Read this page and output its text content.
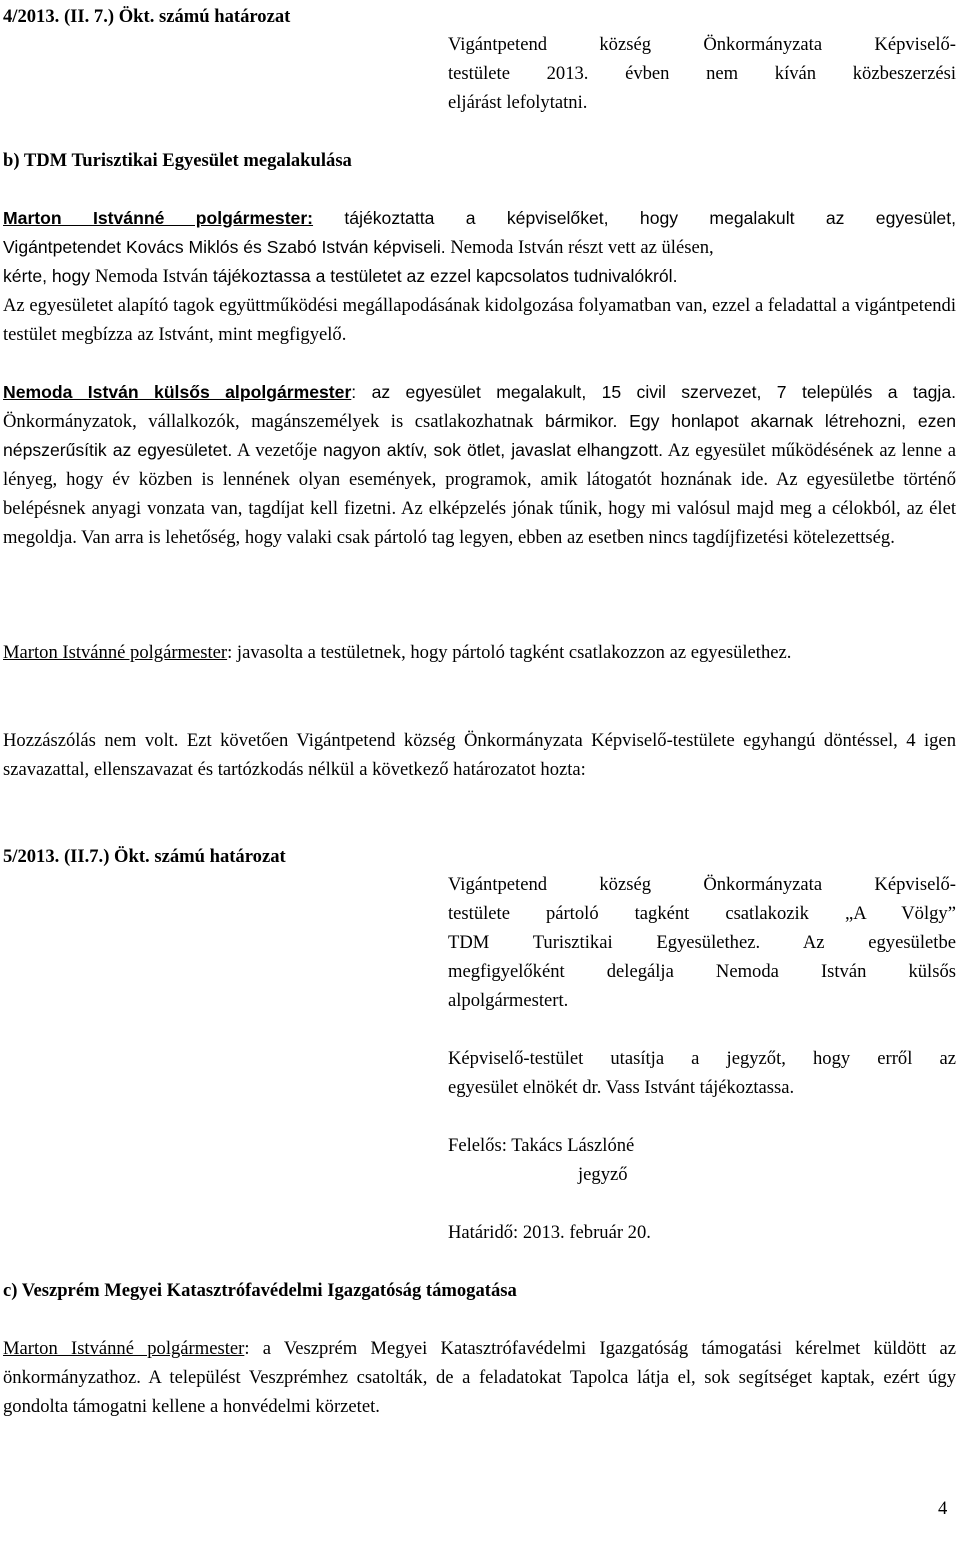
4/2013. (II. 7.) Ökt. számú határozat
Vigántpetend község Önkormányzata Képviselő-
testülete 2013. évben nem kíván közbeszerzési
eljárást lefolytatni.
b) TDM Turisztikai Egyesület megalakulása
Marton Istvánné polgármester: tájékoztatta a képviselőket, hogy megalakult az egyesület,
Vigántpetendet Kovács Miklós és Szabó István képviseli. Nemoda István részt vett az ülésen,
kérte, hogy Nemoda István tájékoztassa a testületet az ezzel kapcsolatos tudnivalókról.
Az egyesületet alapító tagok együttműködési megállapodásának kidolgozása folyamatban van, ezzel a feladattal a vigántpetendi testület megbízza az Istvánt, mint megfigyelő.
Nemoda István külsős alpolgármester: az egyesület megalakult, 15 civil szervezet, 7 település a tagja. Önkormányzatok, vállalkozók, magánszemélyek is csatlakozhatnak bármikor. Egy honlapot akarnak létrehozni, ezen népszerűsítik az egyesületet. A vezetője nagyon aktív, sok ötlet, javaslat elhangzott. Az egyesület működésének az lenne a lényeg, hogy év közben is lennének olyan események, programok, amik látogatót hoznának ide. Az egyesületbe történő belépésnek anyagi vonzata van, tagdíjat kell fizetni. Az elképzelés jónak tűnik, hogy mi valósul majd meg a célokból, az élet megoldja. Van arra is lehetőség, hogy valaki csak pártoló tag legyen, ebben az esetben nincs tagdíjfizetési kötelezettség.
Marton Istvánné polgármester: javasolta a testületnek, hogy pártoló tagként csatlakozzon az egyesülethez.
Hozzászólás nem volt. Ezt követően Vigántpetend község Önkormányzata Képviselő-testülete egyhangú döntéssel, 4 igen szavazattal, ellenszavazat és tartózkodás nélkül a következő határozatot hozta:
5/2013. (II.7.) Ökt. számú határozat
Vigántpetend község Önkormányzata Képviselő-
testülete pártoló tagként csatlakozik „A Völgy”
TDM Turisztikai Egyesülethez. Az egyesületbe
megfigyelőként delegálja Nemoda István külsős
alpolgármestert.
Képviselő-testület utasítja a jegyzőt, hogy erről az
egyesület elnökét dr. Vass Istvánt tájékoztassa.
Felelős: Takács Lászlóné
jegyző
Határidő: 2013. február 20.
c) Veszprém Megyei Katasztrófavédelmi Igazgatóság támogatása
Marton Istvánné polgármester: a Veszprém Megyei Katasztrófavédelmi Igazgatóság támogatási kérelmet küldött az önkormányzathoz. A települést Veszprémhez csatolták, de a feladatokat Tapolca látja el, sok segítséget kaptak, ezért úgy gondolta támogatni kellene a honvédelmi körzetet.
4
